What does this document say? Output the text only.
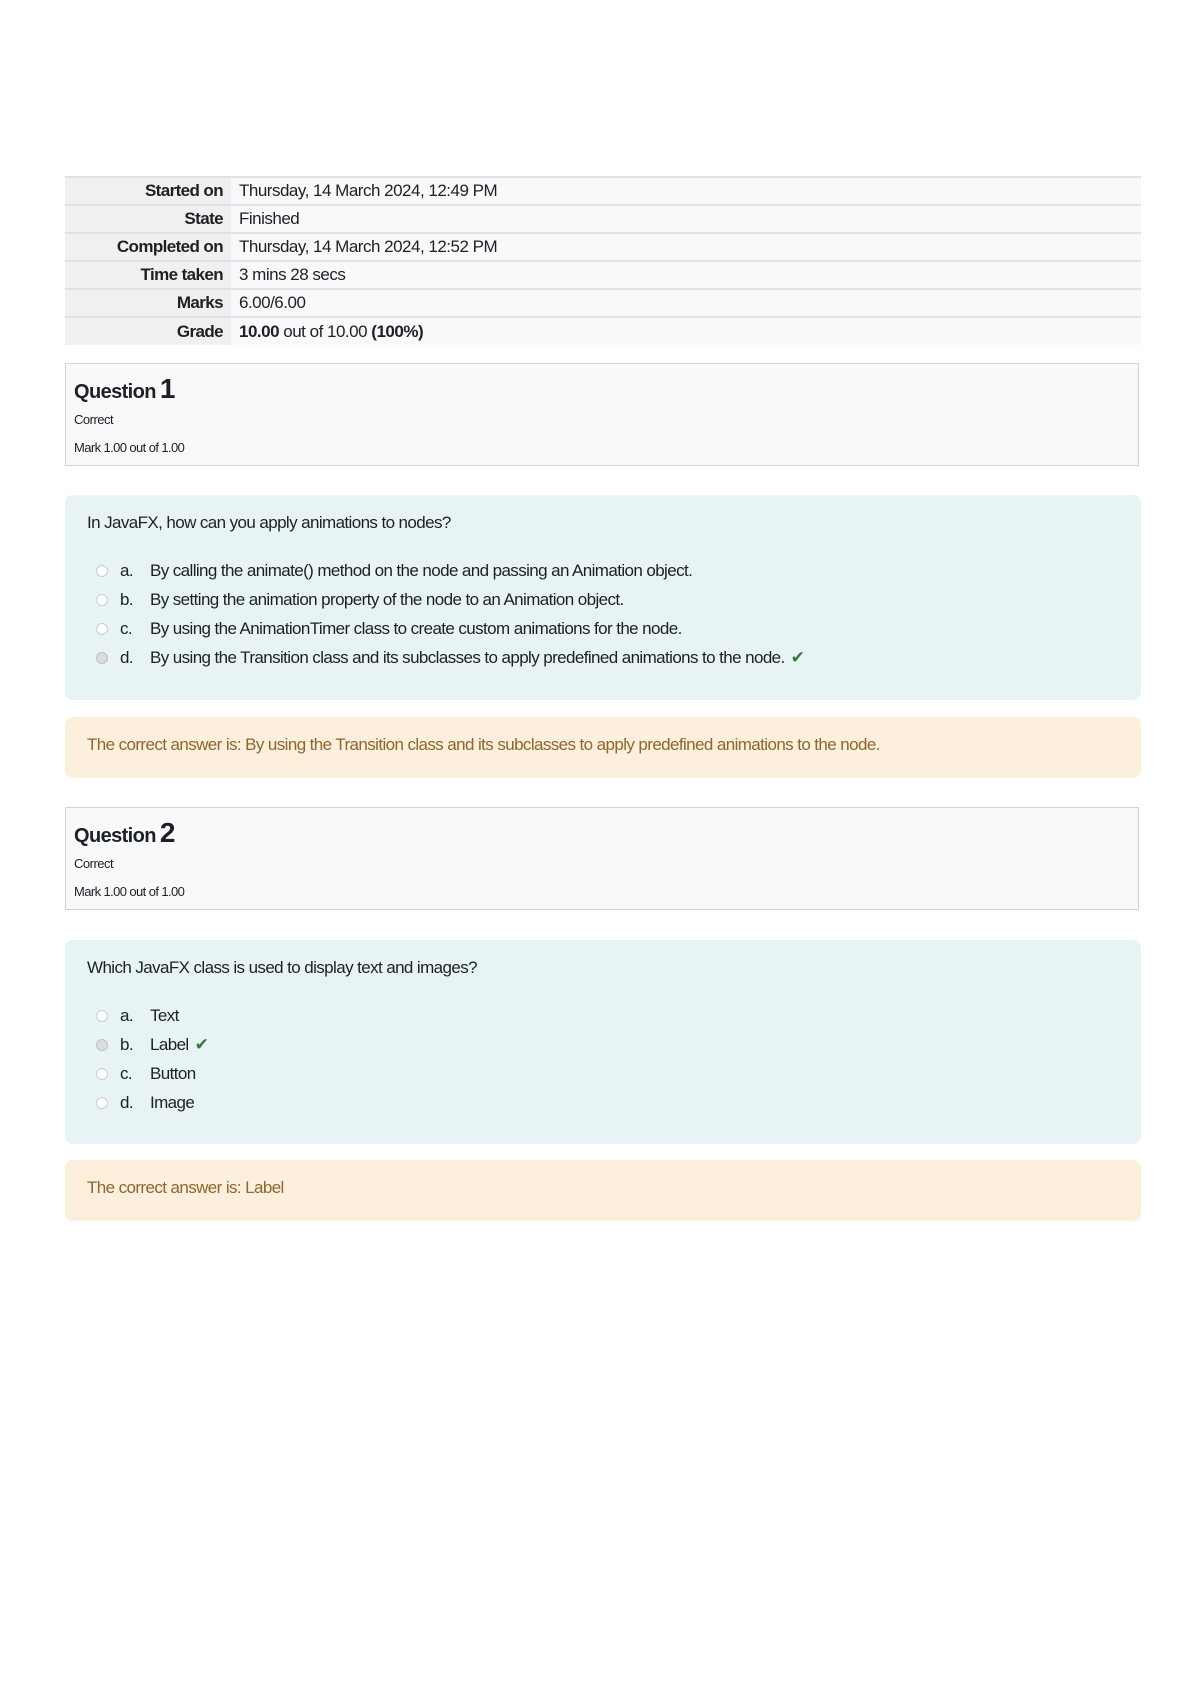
Started on	Thursday, 14 March 2024, 12:49 PM
State	Finished
Completed on	Thursday, 14 March 2024, 12:52 PM
Time taken	3 mins 28 secs
Marks	6.00/6.00
Grade	10.00 out of 10.00 (100%)
Question 1
Correct
Mark 1.00 out of 1.00
In JavaFX, how can you apply animations to nodes?
a.	By calling the animate() method on the node and passing an Animation object.
b.	By setting the animation property of the node to an Animation object.
c.	By using the AnimationTimer class to create custom animations for the node.
d.	By using the Transition class and its subclasses to apply predefined animations to the node. ✔
The correct answer is: By using the Transition class and its subclasses to apply predefined animations to the node.
Question 2
Correct
Mark 1.00 out of 1.00
Which JavaFX class is used to display text and images?
a.	Text
b.	Label ✔
c.	Button
d.	Image
The correct answer is: Label
